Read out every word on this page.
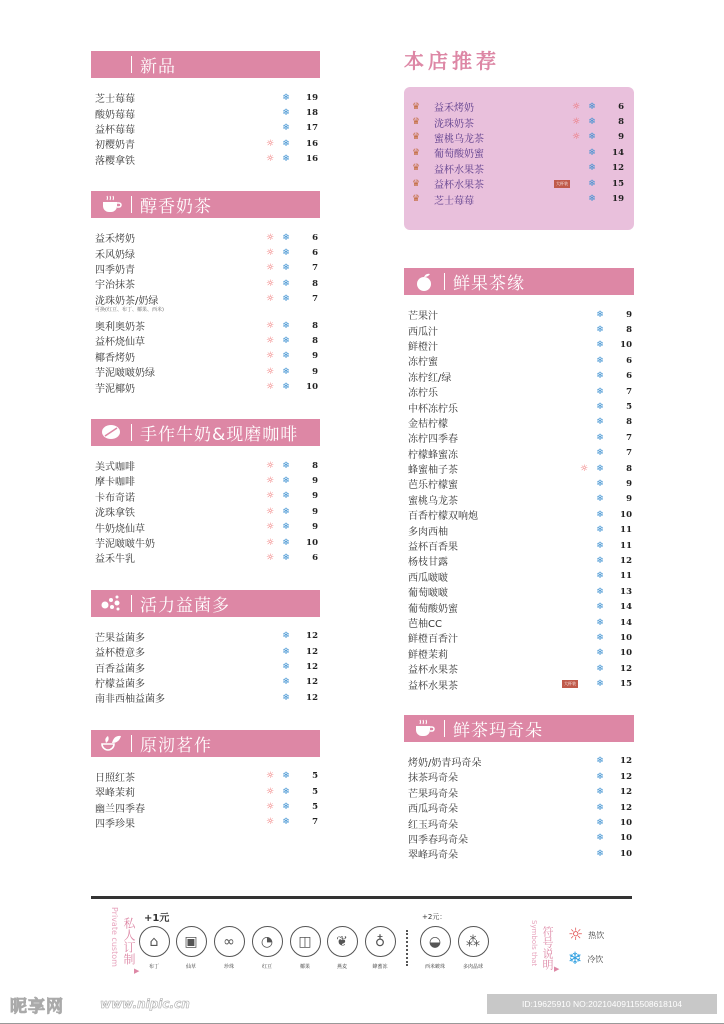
新品
芝士莓莓	❄	19
酸奶莓莓	❄	18
益杯莓莓	❄	17
初樱奶青	☼ ❄	16
落樱拿铁	☼ ❄	16
醇香奶茶
益禾烤奶	☼ ❄	6
禾风奶绿	☼ ❄	6
四季奶青	☼ ❄	7
宇治抹茶	☼ ❄	8
泷珠奶茶/奶绿	☼ ❄	7
可换(红豆、布丁、椰果、西米)
奥利奥奶茶	☼ ❄	8
益杯烧仙草	☼ ❄	8
椰香烤奶	☼ ❄	9
芋泥啵啵奶绿	☼ ❄	9
芋泥椰奶	☼ ❄	10
手作牛奶&现磨咖啡
美式咖啡	☼ ❄	8
摩卡咖啡	☼ ❄	9
卡布奇诺	☼ ❄	9
泷珠拿铁	☼ ❄	9
牛奶烧仙草	☼ ❄	9
芋泥啵啵牛奶	☼ ❄	10
益禾牛乳	☼ ❄	6
活力益菌多
芒果益菌多	❄	12
益杯橙意多	❄	12
百香益菌多	❄	12
柠檬益菌多	❄	12
南非西柚益菌多	❄	12
原沏茗作
日照红茶	☼ ❄	5
翠峰茉莉	☼ ❄	5
幽兰四季春	☼ ❄	5
四季珍果	☼ ❄	7
本店推荐
♛	益禾烤奶	☼ ❄	6
♛	泷珠奶茶	☼ ❄	8
♛	蜜桃乌龙茶	☼ ❄	9
♛	葡萄酸奶蜜	❄	14
♛	益杯水果茶	❄	12
♛	益杯水果茶	大杯装 ❄	15
♛	芝士莓莓	❄	19
鲜果茶缘
芒果汁	❄	9
西瓜汁	❄	8
鲜橙汁	❄	10
冻柠蜜	❄	6
冻柠红/绿	❄	6
冻柠乐	❄	7
中杯冻柠乐	❄	5
金桔柠檬	❄	8
冻柠四季春	❄	7
柠檬蜂蜜冻	❄	7
蜂蜜柚子茶	☼ ❄	8
芭乐柠檬蜜	❄	9
蜜桃乌龙茶	❄	9
百香柠檬双响炮	❄	10
多肉西柚	❄	11
益杯百香果	❄	11
杨枝甘露	❄	12
西瓜啵啵	❄	11
葡萄啵啵	❄	13
葡萄酸奶蜜	❄	14
芭柚CC	❄	14
鲜橙百香汁	❄	10
鲜橙茉莉	❄	10
益杯水果茶	❄	12
益杯水果茶	大杯装 ❄	15
鲜茶玛奇朵
烤奶/奶青玛奇朵	❄	12
抹茶玛奇朵	❄	12
芒果玛奇朵	❄	12
西瓜玛奇朵	❄	12
红玉玛奇朵	❄	10
四季春玛奇朵	❄	10
翠峰玛奇朵	❄	10
Private custom 私人订制
▶
+1元	+2元：
⌂
布丁
▣
仙草
∞
珍珠
◔
红豆
◫
椰果
❦
燕麦
♁
蜂蜜冻
◒
西米啵珠
⁂
多肉晶球
Symbols that 符号说明 ▶
☼ 热饮
❄ 冷饮
昵享网	www.nipic.cn	ID:19625910 NO:20210409115508618104
